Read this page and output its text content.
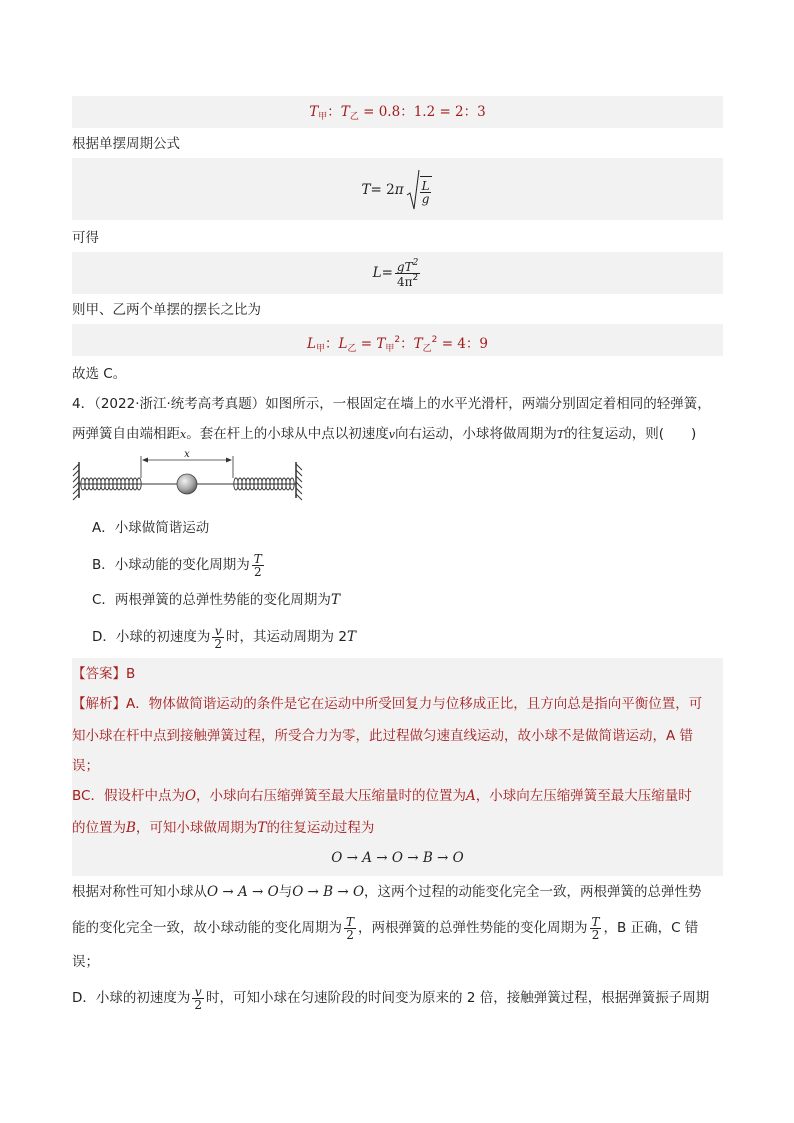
$T_甲$：$T_乙 = 0.8$：1.2 = 2：3
根据单摆周期公式
T = 2 π $\frac{L}{g}$
可得
$L = \frac{gT^2}{4\pi^2}$
则甲、乙两个单摆的摆长之比为
$L_甲$：$L_乙 = T_甲^2$：$T_乙^2 = 4$：9
故选 C。
4．（2022·浙江·统考高考真题）如图所示，一根固定在墙上的水平光滑杆，两端分别固定着相同的轻弹簧，
两弹簧自由端相距x。套在杆上的小球从中点以初速度v向右运动，小球将做周期为T的往复运动，则(　　)
x
A．小球做简谐运动
B．小球动能的变化周期为 $\frac{T}{2}$
C．两根弹簧的总弹性势能的变化周期为T
D．小球的初速度为 $\frac{v}{2}$ 时，其运动周期为 2 T
【答案】B
【解析】A．物体做简谐运动的条件是它在运动中所受回复力与位移成正比，且方向总是指向平衡位置，可
知小球在杆中点到接触弹簧过程，所受合力为零，此过程做匀速直线运动，故小球不是做简谐运动，A 错
误；
BC．假设杆中点为O，小球向右压缩弹簧至最大压缩量时的位置为A，小球向左压缩弹簧至最大压缩量时
的位置为B，可知小球做周期为T的往复运动过程为
O → A → O → B → O
根据对称性可知小球从O → A → O与O → B → O，这两个过程的动能变化完全一致，两根弹簧的总弹性势
能的变化完全一致，故小球动能的变化周期为 $\frac{T}{2}$ ，两根弹簧的总弹性势能的变化周期为 $\frac{T}{2}$ ，B 正确，C 错
误；
D．小球的初速度为 $\frac{v}{2}$ 时，可知小球在匀速阶段的时间变为原来的 2 倍，接触弹簧过程，根据弹簧振子周期
